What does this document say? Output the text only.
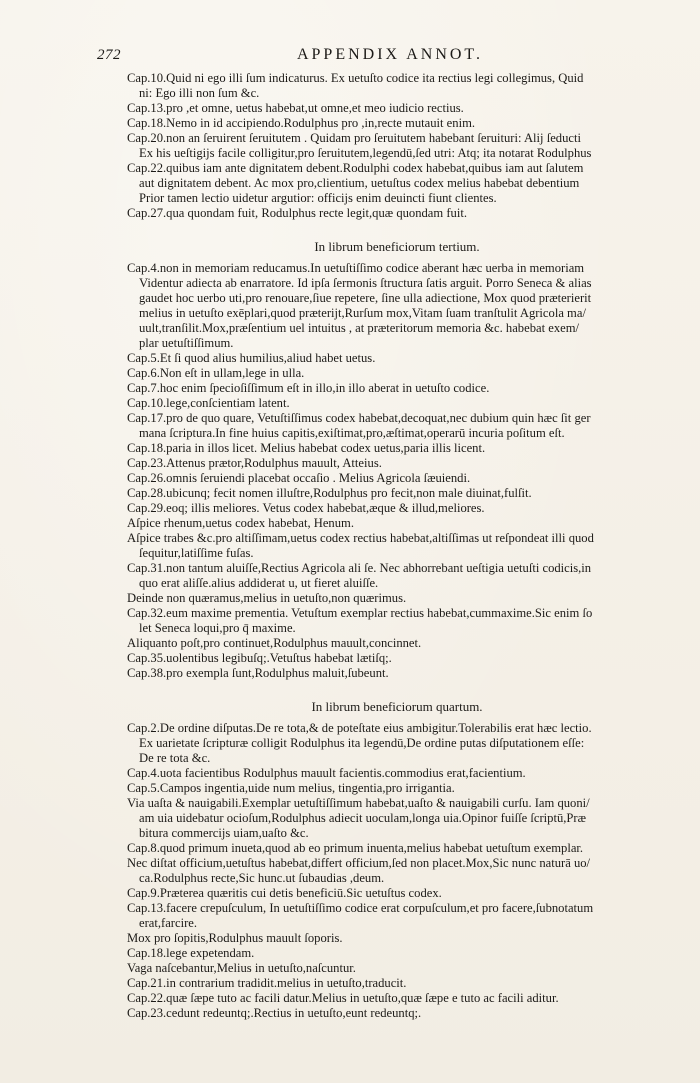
272	APPENDIX ANNOT.
Cap.10.Quid ni ego illi ſum indicaturus. Ex uetuſto codice ita rectius legi collegimus, Quid
ni: Ego illi non ſum &c.
Cap.13.pro ,et omne, uetus habebat,ut omne,et meo iudicio rectius.
Cap.18.Nemo in id accipiendo.Rodulphus pro ,in,recte mutauit enim.
Cap.20.non an ſeruirent ſeruitutem . Quidam pro ſeruitutem habebant ſeruituri: Alij ſeducti
Ex his ueſtigijs facile colligitur,pro ſeruitutem,legendū,ſed utri: Atq; ita notarat Rodulphus
Cap.22.quibus iam ante dignitatem debent.Rodulphi codex habebat,quibus iam aut ſalutem
aut dignitatem debent. Ac mox pro,clientium, uetuſtus codex melius habebat debentium
Prior tamen lectio uidetur argutior: officijs enim deuincti fiunt clientes.
Cap.27.qua quondam fuit, Rodulphus recte legit,quæ quondam fuit.
In librum beneficiorum tertium.
Cap.4.non in memoriam reducamus.In uetuſtiſſimo codice aberant hæc uerba in memoriam
Videntur adiecta ab enarratore. Id ipſa ſermonis ſtructura ſatis arguit. Porro Seneca & alias
gaudet hoc uerbo uti,pro renouare,ſiue repetere, ſine ulla adiectione, Mox quod præterierit
melius in uetuſto exēplari,quod præterijt,Rurſum mox,Vitam ſuam tranſtulit Agricola ma/
uult,tranſilit.Mox,præſentium uel intuitus , at præteritorum memoria &c. habebat exem/
plar uetuſtiſſimum.
Cap.5.Et ſi quod alius humilius,aliud habet uetus.
Cap.6.Non eſt in ullam,lege in ulla.
Cap.7.hoc enim ſpecioſiſſimum eſt in illo,in illo aberat in uetuſto codice.
Cap.10.lege,conſcientiam latent.
Cap.17.pro de quo quare, Vetuſtiſſimus codex habebat,decoquat,nec dubium quin hæc ſit ger
mana ſcriptura.In fine huius capitis,exiſtimat,pro,æſtimat,operarū incuria poſitum eſt.
Cap.18.paria in illos licet. Melius habebat codex uetus,paria illis licent.
Cap.23.Attenus prætor,Rodulphus mauult, Atteius.
Cap.26.omnis ſeruiendi placebat occaſio . Melius Agricola ſæuiendi.
Cap.28.ubicunq; fecit nomen illuſtre,Rodulphus pro fecit,non male diuinat,fulſit.
Cap.29.eoq; illis meliores. Vetus codex habebat,æque & illud,meliores.
Aſpice rhenum,uetus codex habebat, Henum.
Aſpice trabes &c.pro altiſſimam,uetus codex rectius habebat,altiſſimas ut reſpondeat illi quod
ſequitur,latiſſime fuſas.
Cap.31.non tantum aluiſſe,Rectius Agricola ali ſe. Nec abhorrebant ueſtigia uetuſti codicis,in
quo erat aliſſe.alius addiderat u, ut fieret aluiſſe.
Deinde non quæramus,melius in uetuſto,non quærimus.
Cap.32.eum maxime prementia. Vetuſtum exemplar rectius habebat,cummaxime.Sic enim ſo
let Seneca loqui,pro q̄ maxime.
Aliquanto poſt,pro continuet,Rodulphus mauult,concinnet.
Cap.35.uolentibus legibuſq;.Vetuſtus habebat lætiſq;.
Cap.38.pro exempla ſunt,Rodulphus maluit,ſubeunt.
In librum beneficiorum quartum.
Cap.2.De ordine diſputas.De re tota,& de poteſtate eius ambigitur.Tolerabilis erat hæc lectio.
Ex uarietate ſcripturæ colligit Rodulphus ita legendū,De ordine putas diſputationem eſſe:
De re tota &c.
Cap.4.uota facientibus Rodulphus mauult facientis.commodius erat,facientium.
Cap.5.Campos ingentia,uide num melius, tingentia,pro irrigantia.
Via uaſta & nauigabili.Exemplar uetuſtiſſimum habebat,uaſto & nauigabili curſu. Iam quoni/
am uia uidebatur ocioſum,Rodulphus adiecit uoculam,longa uia.Opinor fuiſſe ſcriptū,Præ
bitura commercijs uiam,uaſto &c.
Cap.8.quod primum inueta,quod ab eo primum inuenta,melius habebat uetuſtum exemplar.
Nec diſtat officium,uetuſtus habebat,differt officium,ſed non placet.Mox,Sic nunc naturā uo/
ca.Rodulphus recte,Sic hunc.ut ſubaudias ,deum.
Cap.9.Præterea quæritis cui detis beneficiū.Sic uetuſtus codex.
Cap.13.facere crepuſculum, In uetuſtiſſimo codice erat corpuſculum,et pro facere,ſubnotatum
erat,farcire.
Mox pro ſopitis,Rodulphus mauult ſoporis.
Cap.18.lege expetendam.
Vaga naſcebantur,Melius in uetuſto,naſcuntur.
Cap.21.in contrarium tradidit.melius in uetuſto,traducit.
Cap.22.quæ ſæpe tuto ac facili datur.Melius in uetuſto,quæ ſæpe e tuto ac facili aditur.
Cap.23.cedunt redeuntq;.Rectius in uetuſto,eunt redeuntq;.
